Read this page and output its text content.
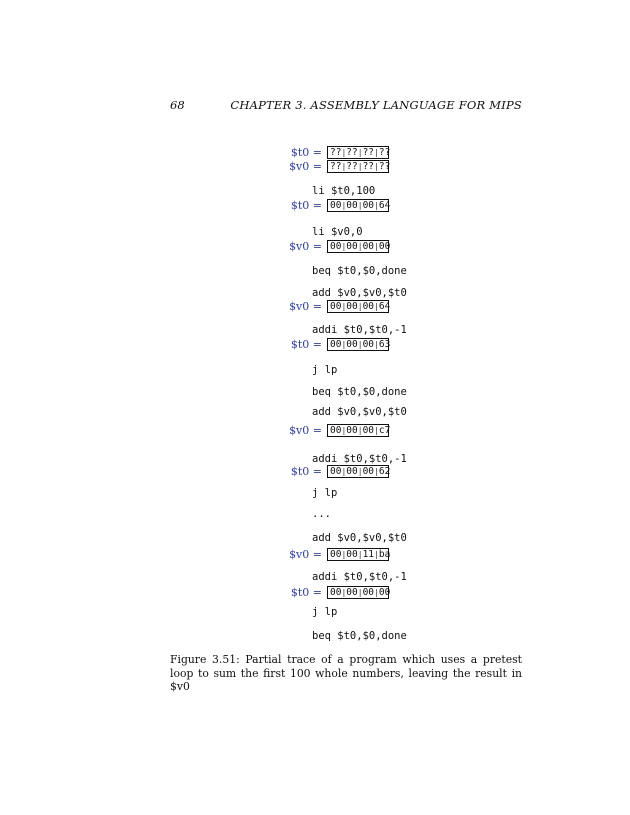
68	CHAPTER 3. ASSEMBLY LANGUAGE FOR MIPS
$t0 = ?? | ?? | ?? | ??
$v0 = ?? | ?? | ?? | ??
li $t0,100
$t0 = 00 | 00 | 00 | 64
li $v0,0
$v0 = 00 | 00 | 00 | 00
beq $t0,$0,done
add $v0,$v0,$t0
$v0 = 00 | 00 | 00 | 64
addi $t0,$t0,-1
$t0 = 00 | 00 | 00 | 63
j lp
beq $t0,$0,done
add $v0,$v0,$t0
$v0 = 00 | 00 | 00 | c7
addi $t0,$t0,-1
$t0 = 00 | 00 | 00 | 62
j lp
...
add $v0,$v0,$t0
$v0 = 00 | 00 | 11 | ba
addi $t0,$t0,-1
$t0 = 00 | 00 | 00 | 00
j lp
beq $t0,$0,done
Figure 3.51: Partial trace of a program which uses a pretest loop to sum the first 100 whole numbers, leaving the result in $v0
